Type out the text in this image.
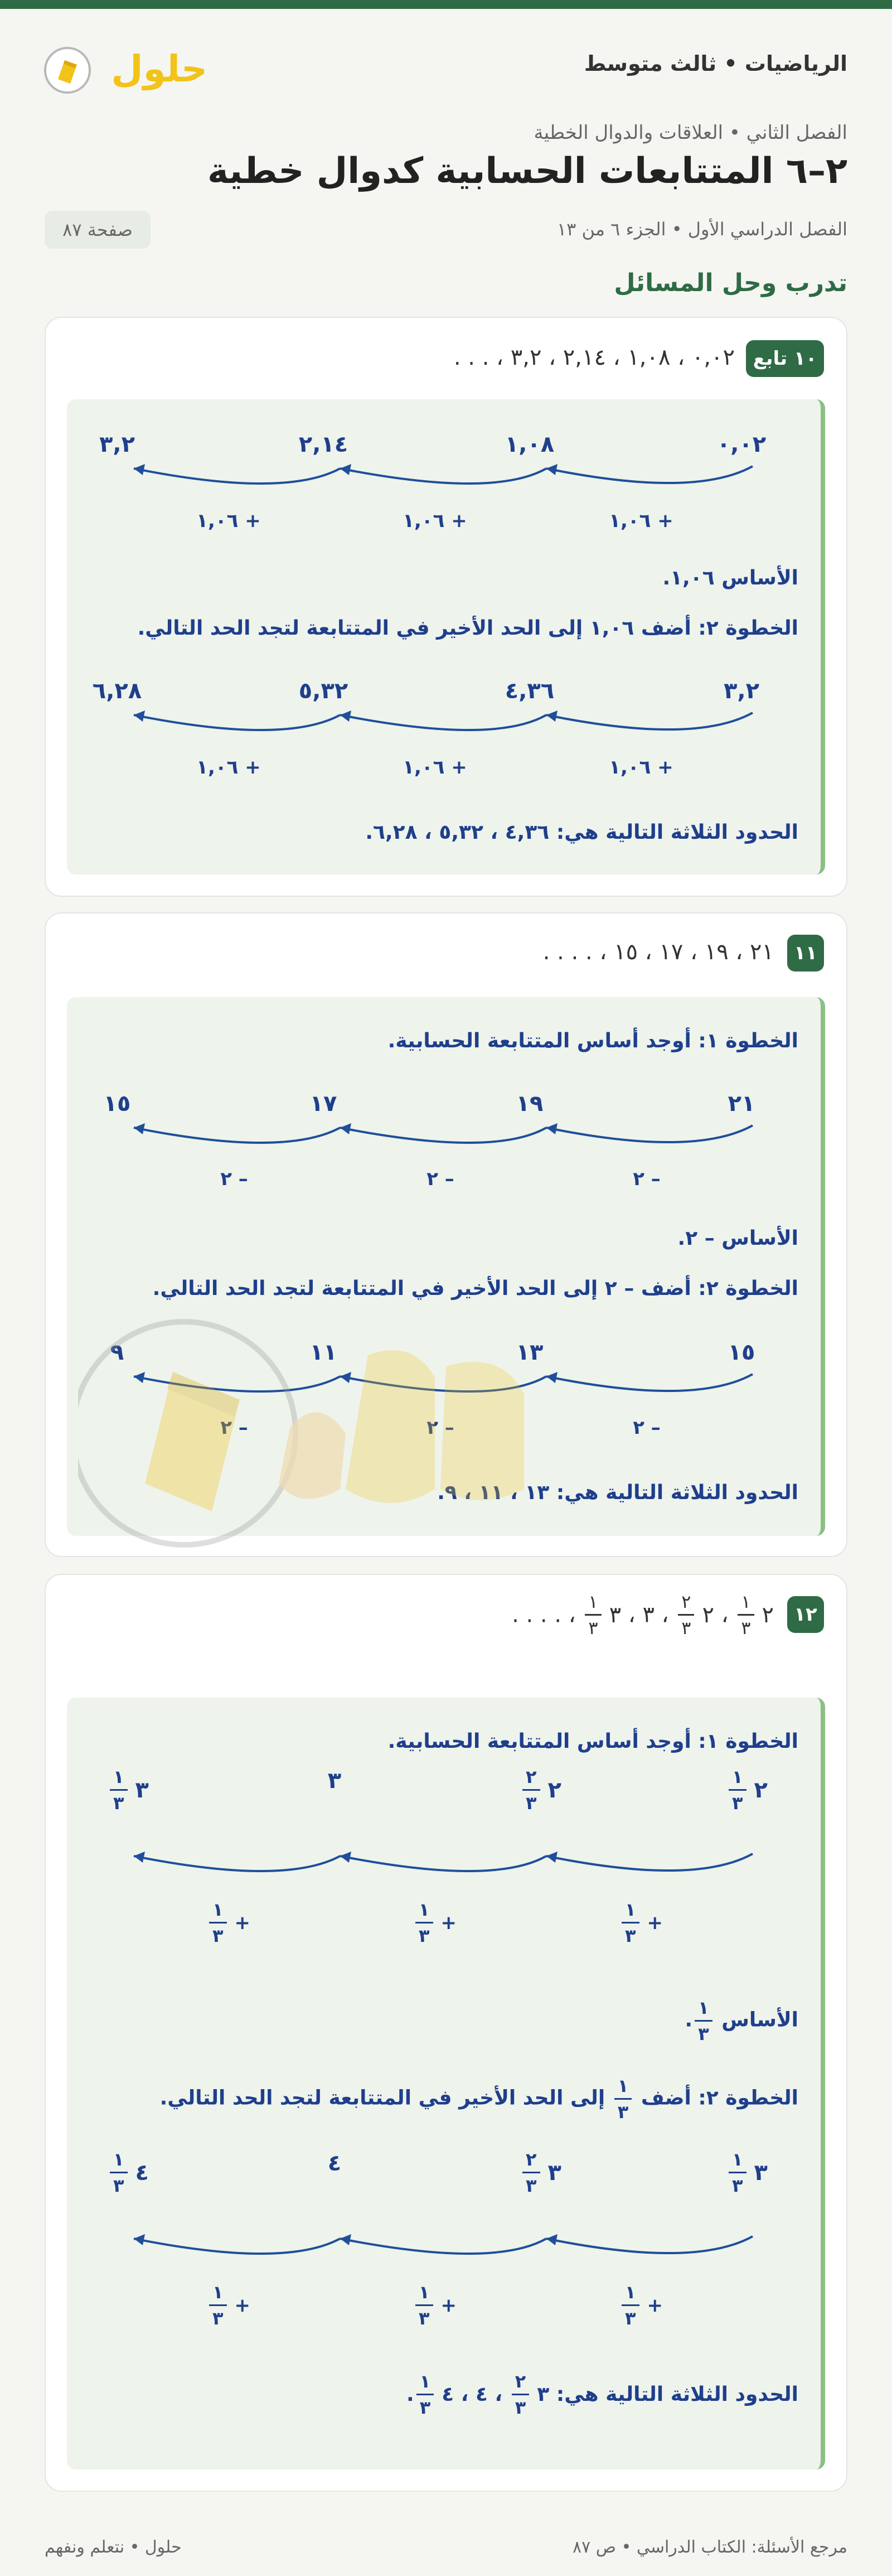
الرياضيات • ثالث متوسط
حلول
الفصل الثاني • العلاقات والدوال الخطية
٢–٦ المتتابعات الحسابية كدوال خطية
الفصل الدراسي الأول • الجزء ٦ من ١٣
صفحة ٨٧
تدرب وحل المسائل
١٠ تابع
٠,٠٢ ، ١,٠٨ ، ٢,١٤ ، ٣,٢ ، . . .
٠,٠٢
١,٠٨
٢,١٤
٣,٢
+ ١,٠٦
+ ١,٠٦
+ ١,٠٦
الأساس ١,٠٦.
الخطوة ٢: أضف ١,٠٦ إلى الحد الأخير في المتتابعة لتجد الحد التالي.
٣,٢
٤,٣٦
٥,٣٢
٦,٢٨
+ ١,٠٦
+ ١,٠٦
+ ١,٠٦
الحدود الثلاثة التالية هي: ٤,٣٦ ، ٥,٣٢ ، ٦,٢٨.
١١
٢١ ، ١٩ ، ١٧ ، ١٥ ، . . . .
الخطوة ١: أوجد أساس المتتابعة الحسابية.
٢١
١٩
١٧
١٥
– ٢
– ٢
– ٢
الأساس – ٢.
الخطوة ٢: أضف – ٢ إلى الحد الأخير في المتتابعة لتجد الحد التالي.
١٥
١٣
١١
٩
– ٢
– ٢
– ٢
الحدود الثلاثة التالية هي: ١٣ ، ١١ ، ٩.
١٢
٢
$\frac{١}{٣}$
،
٢
$\frac{٢}{٣}$
، ٣ ،
٣
$\frac{١}{٣}$
، . . . .
الخطوة ١: أوجد أساس المتتابعة الحسابية.
٢
$\frac{١}{٣}$
٢
$\frac{٢}{٣}$
٣
٣
$\frac{١}{٣}$
+
$\frac{١}{٣}$
+
$\frac{١}{٣}$
+
$\frac{١}{٣}$
الأساس
$\frac{١}{٣}$
.
الخطوة ٢: أضف
$\frac{١}{٣}$
إلى الحد الأخير في المتتابعة لتجد الحد التالي.
٣
$\frac{١}{٣}$
٣
$\frac{٢}{٣}$
٤
٤
$\frac{١}{٣}$
+
$\frac{١}{٣}$
+
$\frac{١}{٣}$
+
$\frac{١}{٣}$
الحدود الثلاثة التالية هي:
٣
$\frac{٢}{٣}$
، ٤ ،
٤
$\frac{١}{٣}$
.
حلول • نتعلم ونفهم	مرجع الأسئلة: الكتاب الدراسي • ص ٨٧
